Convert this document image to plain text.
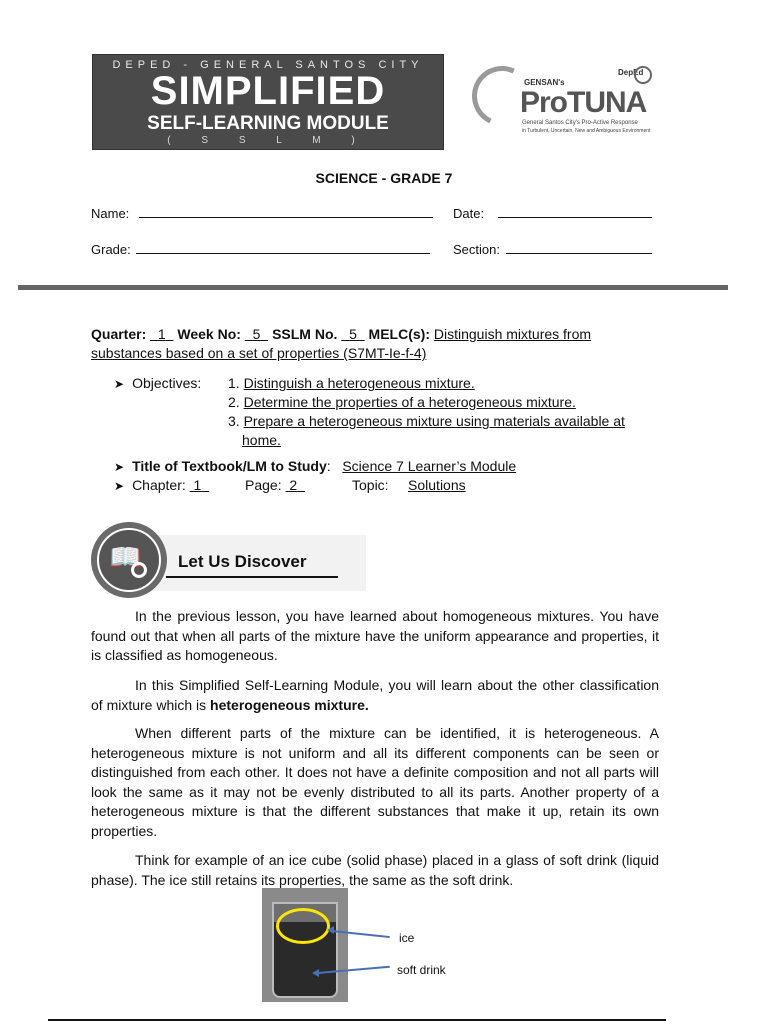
DEPED - GENERAL SANTOS CITY
SIMPLIFIED
SELF-LEARNING MODULE
( S S L M )
GENSAN's
ProTUNA
DepEd
General Santos City's Pro-Active Response
in Turbulent, Uncertain, New and Ambiguous Environment
SCIENCE - GRADE 7
Name:	Date:
Grade:	Section:
Quarter: 1 Week No: 5 SSLM No. 5 MELC(s): Distinguish mixtures from
substances based on a set of properties (S7MT-Ie-f-4)
➤ Objectives: 1. Distinguish a heterogeneous mixture.
2. Determine the properties of a heterogeneous mixture.
3. Prepare a heterogeneous mixture using materials available at
home.
➤ Title of Textbook/LM to Study:   Science 7 Learner’s Module
➤ Chapter: 1	Page: 2	Topic: Solutions
📖 Let Us Discover
In the previous lesson, you have learned about homogeneous mixtures. You have found out that when all parts of the mixture have the uniform appearance and properties, it is classified as homogeneous.
In this Simplified Self-Learning Module, you will learn about the other classification of mixture which is heterogeneous mixture.
When different parts of the mixture can be identified, it is heterogeneous. A heterogeneous mixture is not uniform and all its different components can be seen or distinguished from each other. It does not have a definite composition and not all parts will look the same as it may not be evenly distributed to all its parts. Another property of a heterogeneous mixture is that the different substances that make it up, retain its own properties.
Think for example of an ice cube (solid phase) placed in a glass of soft drink (liquid phase). The ice still retains its properties, the same as the soft drink.
ice
soft drink
